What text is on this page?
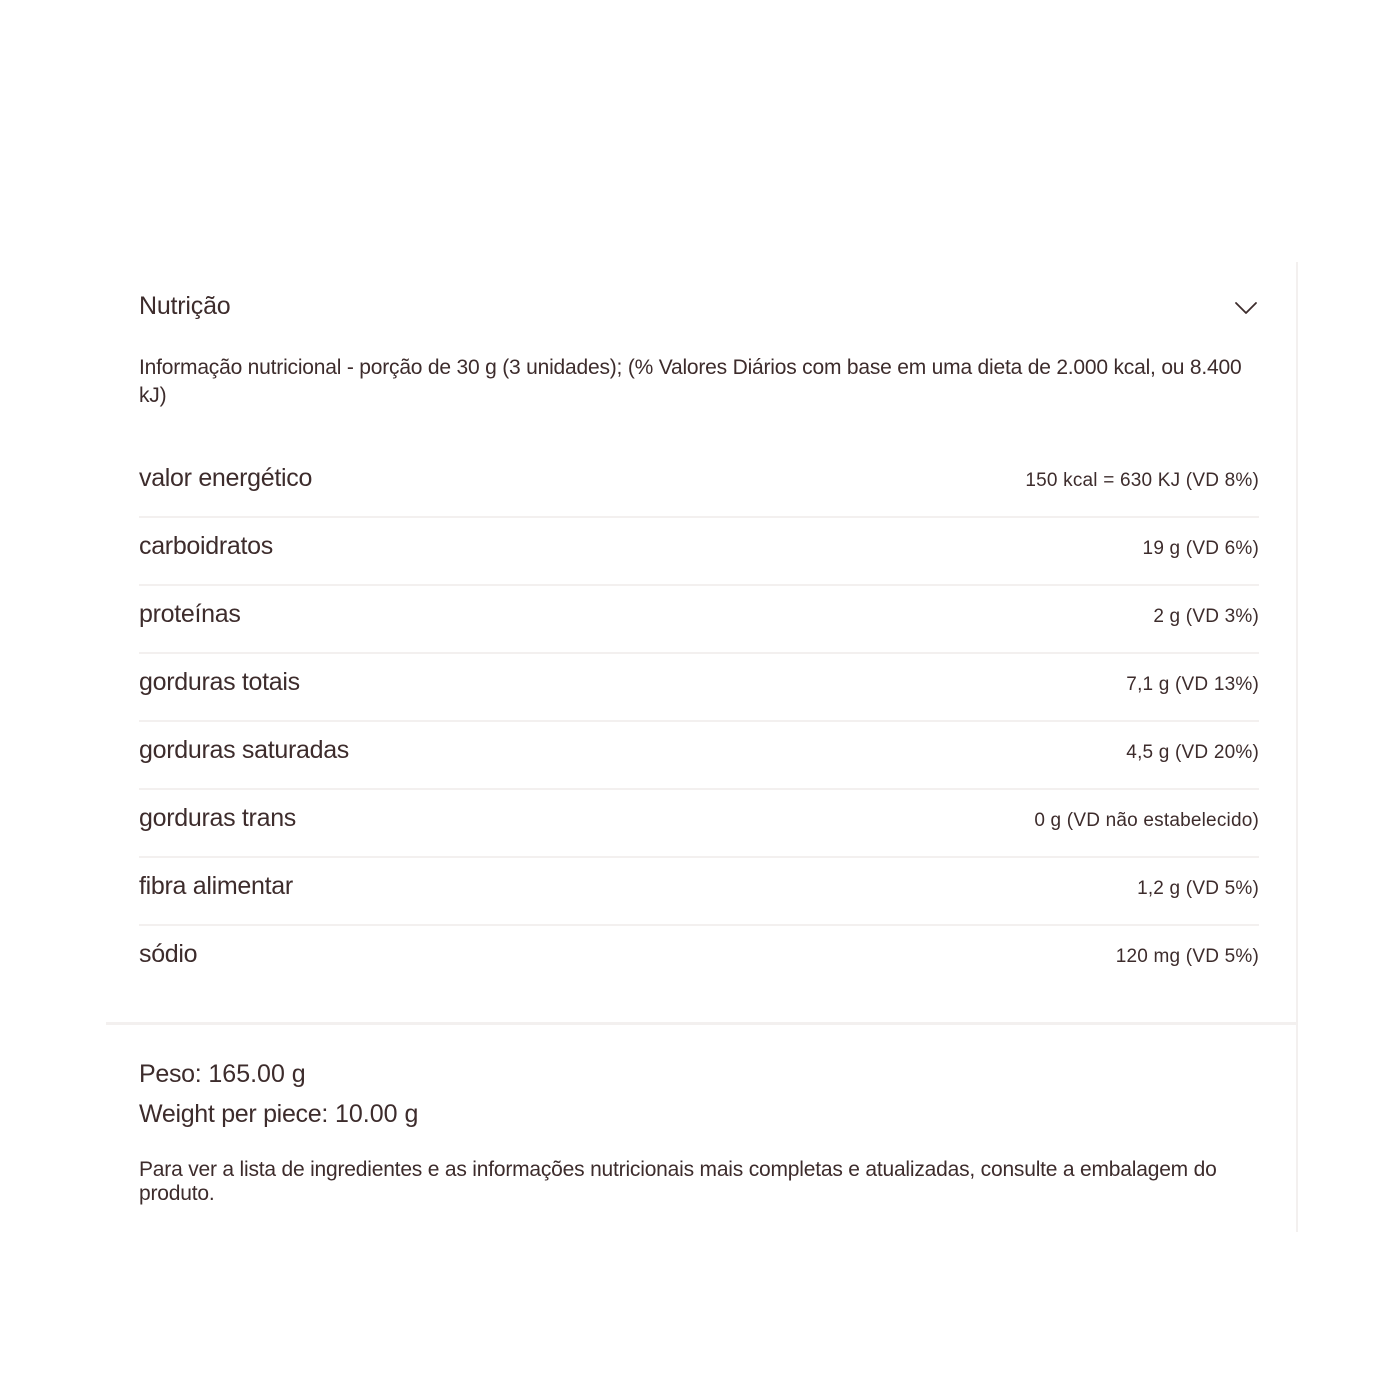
Nutrição
Informação nutricional - porção de 30 g (3 unidades); (% Valores Diários com base em uma dieta de 2.000 kcal, ou 8.400 kJ)
valor energético	150 kcal = 630 KJ (VD 8%)
carboidratos	19 g (VD 6%)
proteínas	2 g (VD 3%)
gorduras totais	7,1 g (VD 13%)
gorduras saturadas	4,5 g (VD 20%)
gorduras trans	0 g (VD não estabelecido)
fibra alimentar	1,2 g (VD 5%)
sódio	120 mg (VD 5%)
Peso: 165.00 g
Weight per piece: 10.00 g
Para ver a lista de ingredientes e as informações nutricionais mais completas e atualizadas, consulte a embalagem do produto.
